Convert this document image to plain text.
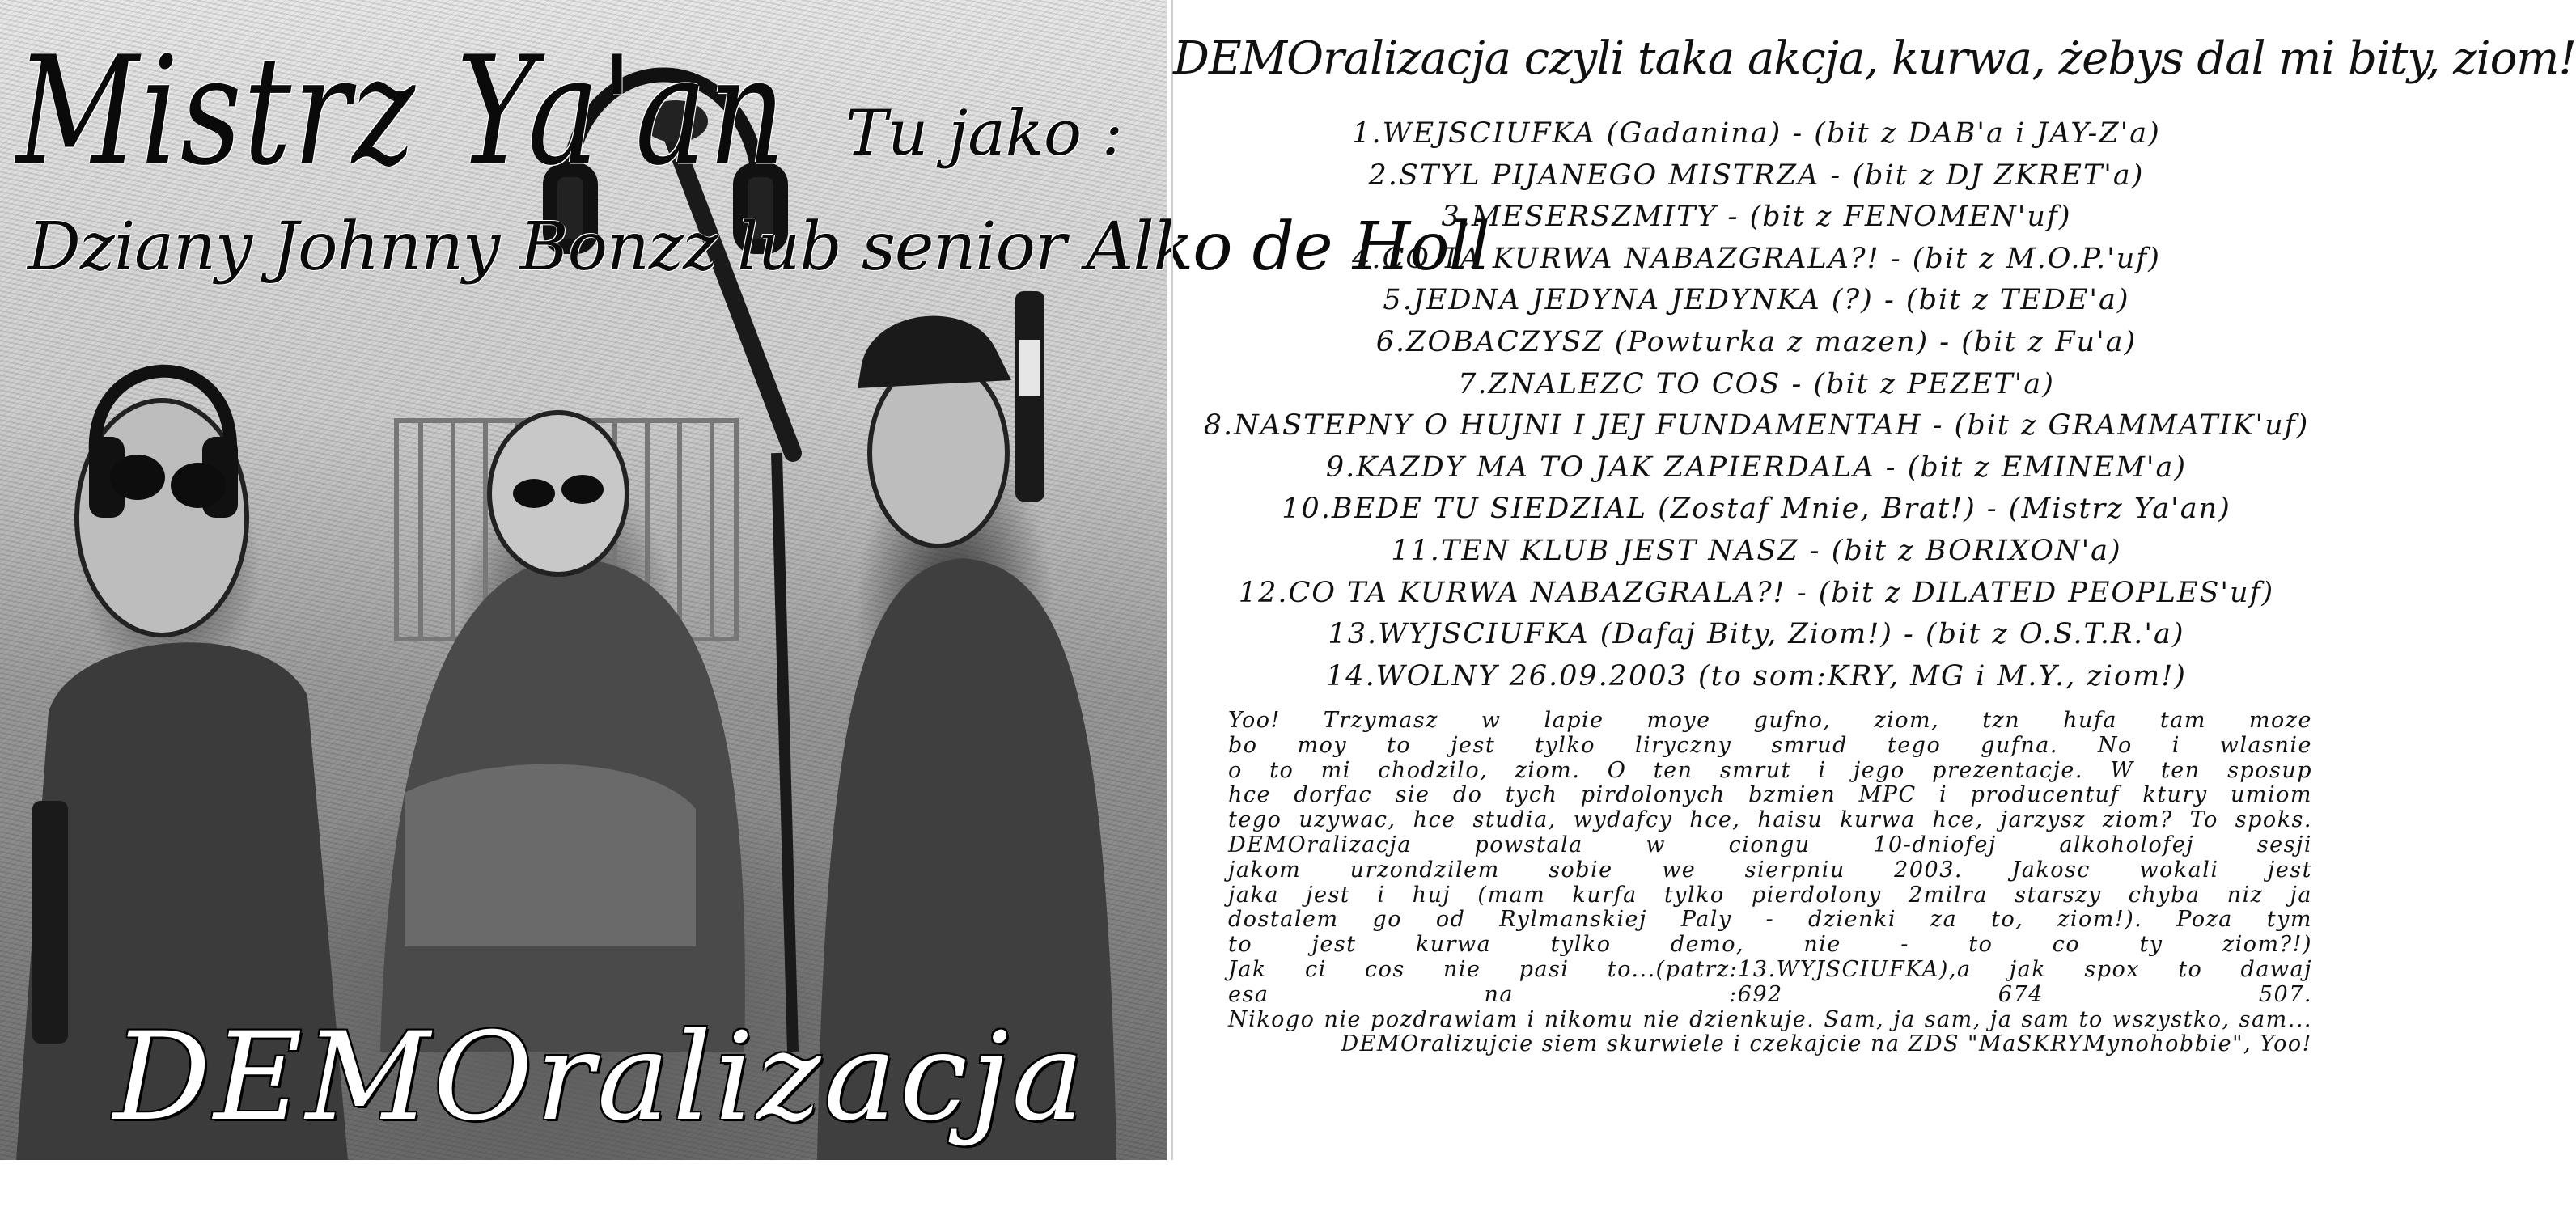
Mistrz Ya'an Tu jako :

Dziany Johnny Bonzz lub senior Alko de Holl

DEMOralizacja

DEMOralizacja czyli taka akcja, kurwa, żebys dal mi bity, ziom!
1.WEJSCIUFKA (Gadanina) - (bit z DAB'a i JAY-Z'a)
2.STYL PIJANEGO MISTRZA - (bit z DJ ZKRET'a)
3.MESERSZMITY - (bit z FENOMEN'uf)
4.CO TA KURWA NABAZGRALA?! - (bit z M.O.P.'uf)
5.JEDNA JEDYNA JEDYNKA (?) - (bit z TEDE'a)
6.ZOBACZYSZ (Powturka z mazen) - (bit z Fu'a)
7.ZNALEZC TO COS - (bit z PEZET'a)
8.NASTEPNY O HUJNI I JEJ FUNDAMENTAH - (bit z GRAMMATIK'uf)
9.KAZDY MA TO JAK ZAPIERDALA - (bit z EMINEM'a)
10.BEDE TU SIEDZIAL (Zostaf Mnie, Brat!) - (Mistrz Ya'an)
11.TEN KLUB JEST NASZ - (bit z BORIXON'a)
12.CO TA KURWA NABAZGRALA?! - (bit z DILATED PEOPLES'uf)
13.WYJSCIUFKA (Dafaj Bity, Ziom!) - (bit z O.S.T.R.'a)
14.WOLNY 26.09.2003 (to som:KRY, MG i M.Y., ziom!)

Yoo! Trzymasz w lapie moye gufno, ziom, tzn hufa tam moze
bo moy to jest tylko liryczny smrud tego gufna. No i wlasnie
o to mi chodzilo, ziom. O ten smrut i jego prezentacje. W ten sposup
hce dorfac sie do tych pirdolonych bzmien MPC i producentuf ktury umiom
tego uzywac, hce studia, wydafcy hce, haisu kurwa hce, jarzysz ziom? To spoks.
DEMOralizacja powstala w ciongu 10-dniofej alkoholofej sesji
jakom urzondzilem sobie we sierpniu 2003. Jakosc wokali jest
jaka jest i huj (mam kurfa tylko pierdolony 2milra starszy chyba niz ja
dostalem go od Rylmanskiej Paly - dzienki za to, ziom!). Poza tym
to jest kurwa tylko demo, nie - to co ty ziom?!)
Jak ci cos nie pasi to...(patrz:13.WYJSCIUFKA),a jak spox to dawaj
esa na :692 674 507.
Nikogo nie pozdrawiam i nikomu nie dzienkuje. Sam, ja sam, ja sam to wszystko, sam...
DEMOralizujcie siem skurwiele i czekajcie na ZDS "MaSKRYMynohobbie", Yoo!
